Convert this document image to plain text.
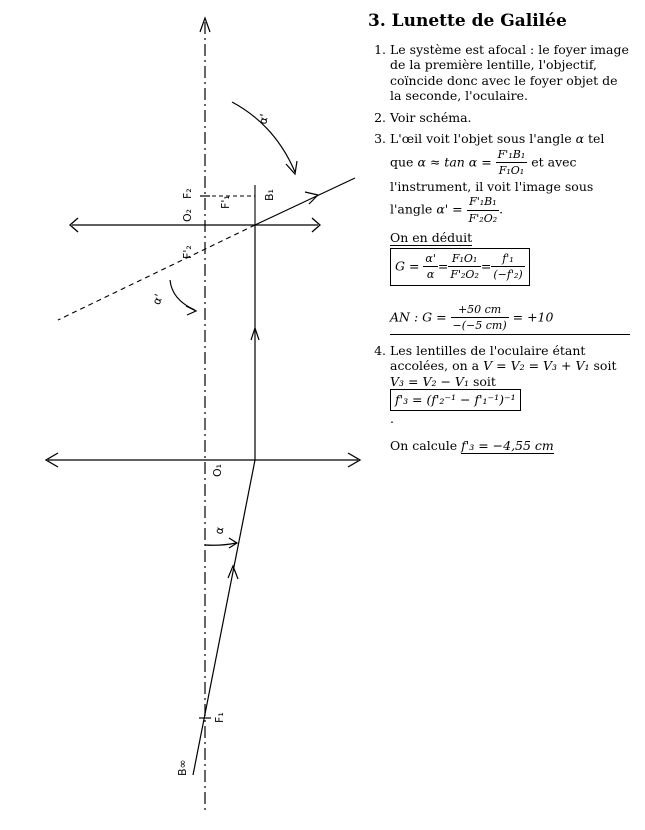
α'
α'
α
F₂
F'₁
B₁
O₂
F'₂
O₁
F₁
B∞
3. Lunette de Galilée
1. Le système est afocal : le foyer image de la première lentille, l'objectif, coïncide donc avec le foyer objet de la seconde, l'oculaire.
2. Voir schéma.
3. L'œil voit l'objet sous l'angle α tel que $\alpha \approx \tan \alpha = \frac{\text{F'₁B₁}}{\text{F₁O₁}}$ et avec l'instrument, il voit l'image sous l'angle $\alpha' = \frac{\text{F'₁B₁}}{\text{F'₂O₂}}$ .
On en déduit
$G = \frac{\alpha'}{\alpha} = \frac{\text{F₁O₁}}{\text{F'₂O₂}} = \frac{\text{f'₁}}{\text{(−f'₂)}}$
AN : $G = \frac{+50 cm}{-(-5 cm)} = +10$
4. Les lentilles de l'oculaire étant accolées, on a V = V₂ = V₃ + V₁ soit V₃ = V₂ − V₁ soit f'₃ = (f'₂⁻¹ − f'₁⁻¹)⁻¹
.
On calcule f'₃ = −4,55 cm
